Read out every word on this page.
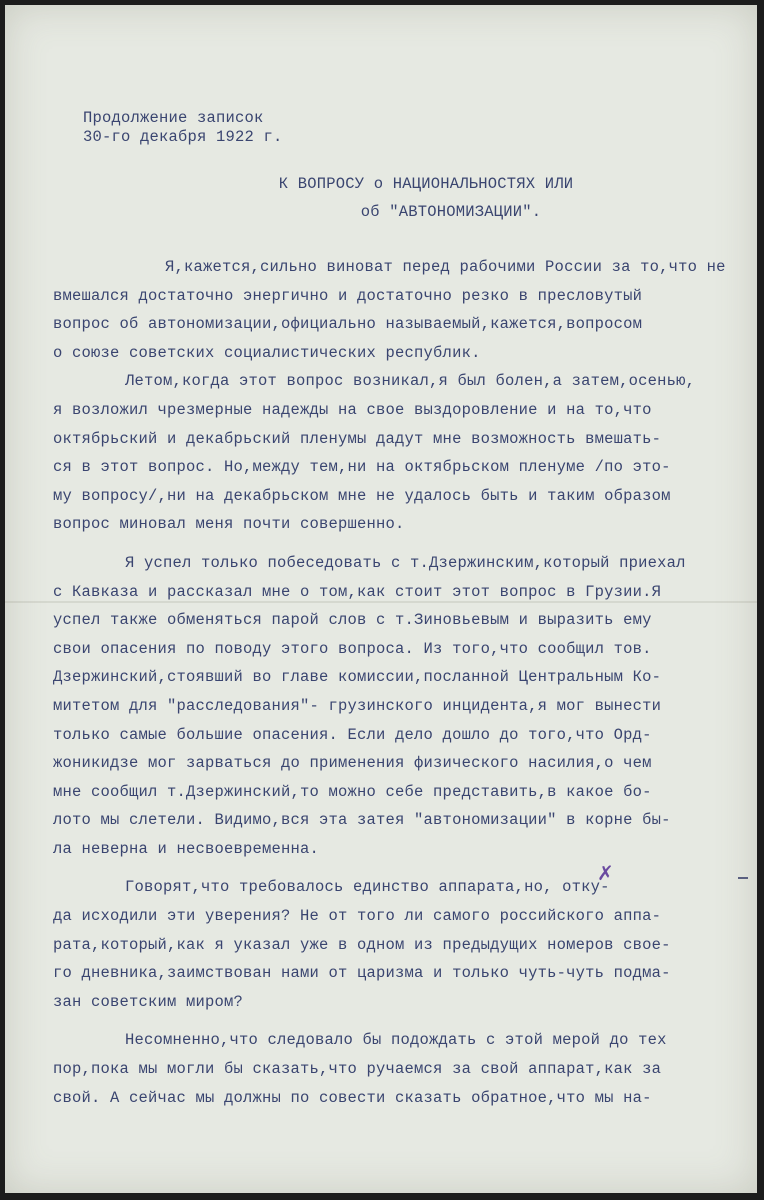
Продолжение записок
30-го декабря 1922 г.
К ВОПРОСУ о НАЦИОНАЛЬНОСТЯХ ИЛИ
об "АВТОНОМИЗАЦИИ".
Я,кажется,сильно виноват перед рабочими России за то,что не
вмешался достаточно энергично и достаточно резко в пресловутый
вопрос об автономизации,официально называемый,кажется,вопросом
о союзе советских социалистических республик.
Летом,когда этот вопрос возникал,я был болен,а затем,осенью,
я возложил чрезмерные надежды на свое выздоровление и на то,что
октябрьский и декабрьский пленумы дадут мне возможность вмешать-
ся в этот вопрос. Но,между тем,ни на октябрьском пленуме /по это-
му вопросу/,ни на декабрьском мне не удалось быть и таким образом
вопрос миновал меня почти совершенно.
Я успел только побеседовать с т.Дзержинским,который приехал
с Кавказа и рассказал мне о том,как стоит этот вопрос в Грузии.Я
успел также обменяться парой слов с т.Зиновьевым и выразить ему
свои опасения по поводу этого вопроса. Из того,что сообщил тов.
Дзержинский,стоявший во главе комиссии,посланной Центральным Ко-
митетом для "расследования"- грузинского инцидента,я мог вынести
только самые большие опасения. Если дело дошло до того,что Орд-
жоникидзе мог зарваться до применения физического насилия,о чем
мне сообщил т.Дзержинский,то можно себе представить,в какое бо-
лото мы слетели. Видимо,вся эта затея "автономизации" в корне бы-
ла неверна и несвоевременна.
Говорят,что требовалось единство аппарата,но, отку-
да исходили эти уверения? Не от того ли самого российского аппа-
рата,который,как я указал уже в одном из предыдущих номеров свое-
го дневника,заимствован нами от царизма и только чуть-чуть подма-
зан советским миром?
Несомненно,что следовало бы подождать с этой мерой до тех
пор,пока мы могли бы сказать,что ручаемся за свой аппарат,как за
свой. А сейчас мы должны по совести сказать обратное,что мы на-
✗
